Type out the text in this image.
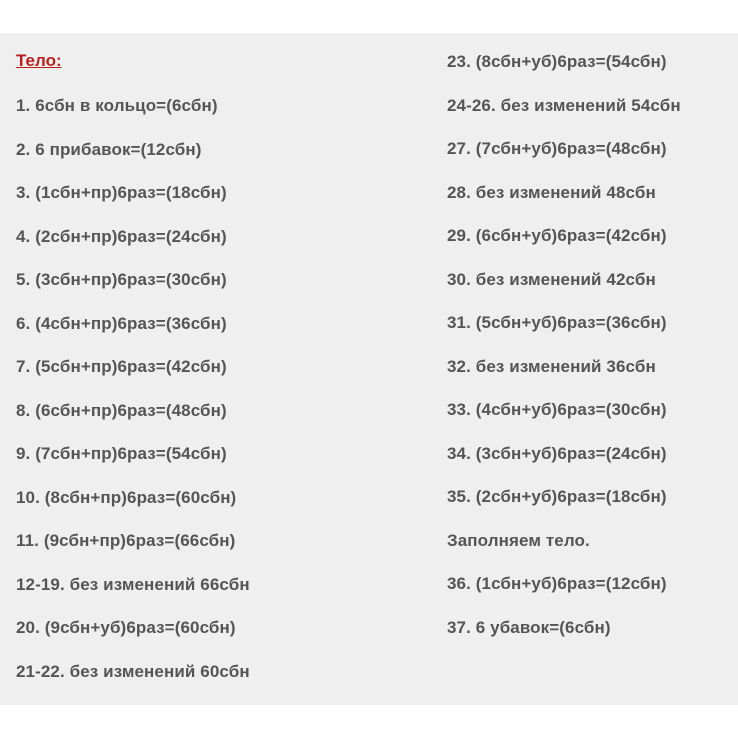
Тело:
1. 6сбн в кольцо=(6сбн)
2. 6 прибавок=(12сбн)
3. (1сбн+пр)6раз=(18сбн)
4. (2сбн+пр)6раз=(24сбн)
5. (3сбн+пр)6раз=(30сбн)
6. (4сбн+пр)6раз=(36сбн)
7. (5сбн+пр)6раз=(42сбн)
8. (6сбн+пр)6раз=(48сбн)
9. (7сбн+пр)6раз=(54сбн)
10. (8сбн+пр)6раз=(60сбн)
11. (9сбн+пр)6раз=(66сбн)
12-19. без изменений 66сбн
20. (9сбн+уб)6раз=(60сбн)
21-22. без изменений 60сбн
23. (8сбн+уб)6раз=(54сбн)
24-26. без изменений 54сбн
27. (7сбн+уб)6раз=(48сбн)
28. без изменений 48сбн
29. (6сбн+уб)6раз=(42сбн)
30. без изменений 42сбн
31. (5сбн+уб)6раз=(36сбн)
32. без изменений 36сбн
33. (4сбн+уб)6раз=(30сбн)
34. (3сбн+уб)6раз=(24сбн)
35. (2сбн+уб)6раз=(18сбн)
Заполняем тело.
36. (1сбн+уб)6раз=(12сбн)
37. 6 убавок=(6сбн)
